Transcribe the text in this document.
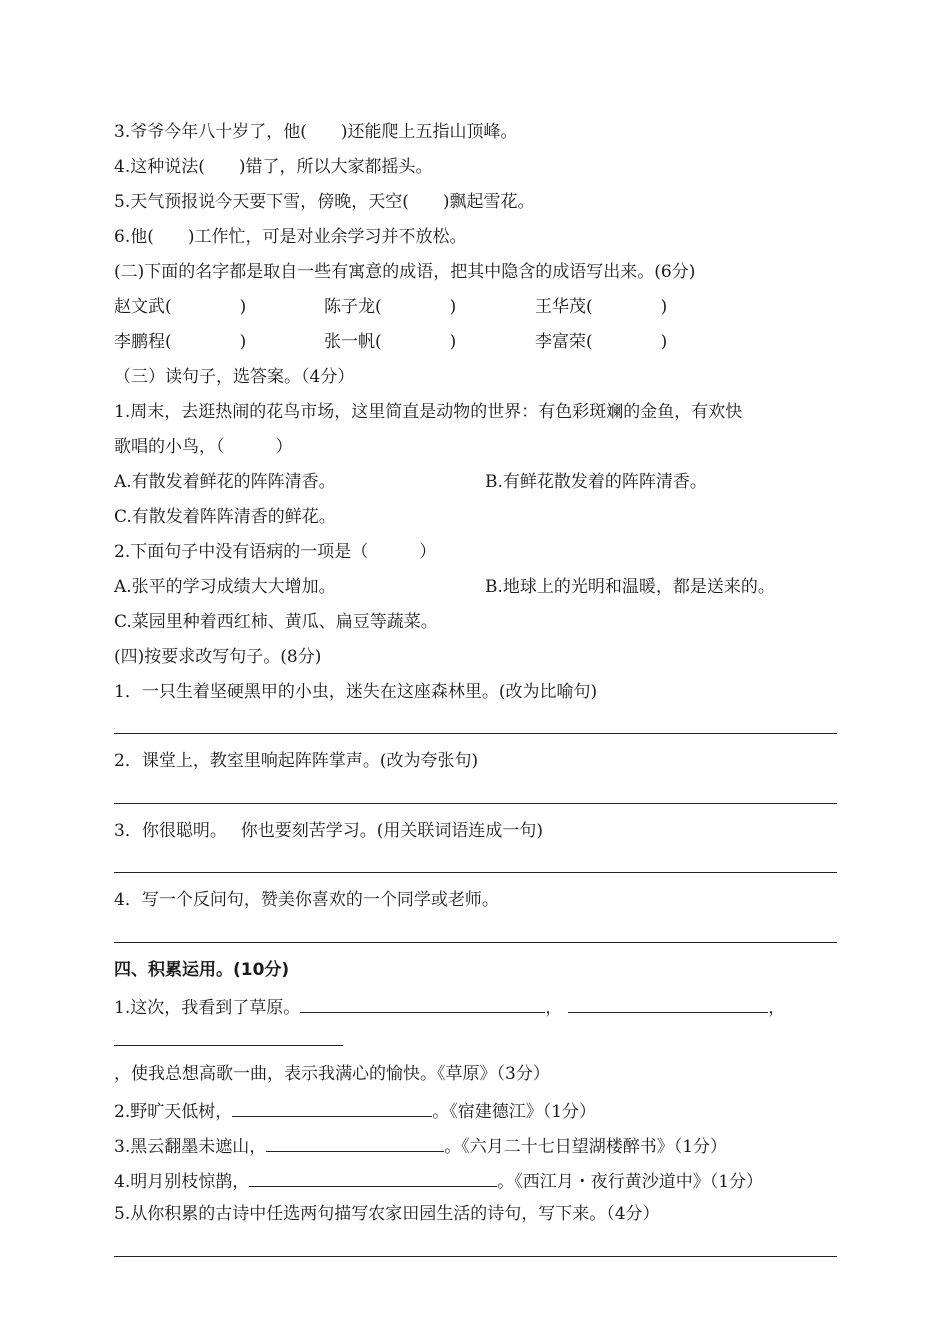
3.爷爷今年八十岁了，他(　　)还能爬上五指山顶峰。
4.这种说法(　　)错了，所以大家都摇头。
5.天气预报说今天要下雪，傍晚，天空(　　)飘起雪花。
6.他(　　)工作忙，可是对业余学习并不放松。
(二)下面的名字都是取自一些有寓意的成语，把其中隐含的成语写出来。(6分)
赵文武(　　　　)	陈子龙(　　　　)	王华茂(　　　　)
李鹏程(　　　　)	张一帆(　　　　)	李富荣(　　　　)
（三）读句子，选答案。（4分）
1.周末，去逛热闹的花鸟市场，这里简直是动物的世界：有色彩斑斓的金鱼，有欢快
歌唱的小鸟，（　　　）
A.有散发着鲜花的阵阵清香。	B.有鲜花散发着的阵阵清香。
C.有散发着阵阵清香的鲜花。
2.下面句子中没有语病的一项是（　　　）
A.张平的学习成绩大大增加。	B.地球上的光明和温暖，都是送来的。
C.菜园里种着西红柿、黄瓜、扁豆等蔬菜。
(四)按要求改写句子。(8分)
1．一只生着坚硬黑甲的小虫，迷失在这座森林里。(改为比喻句)
2．课堂上，教室里响起阵阵掌声。(改为夸张句)
3．你很聪明。　 你也要刻苦学习。(用关联词语连成一句)
4．写一个反问句，赞美你喜欢的一个同学或老师。
四、积累运用。(10分)
1.这次，我看到了草原。	，	，
，使我总想高歌一曲，表示我满心的愉快。《草原》（3分）
2.野旷天低树，	。《宿建德江》（1分）
3.黑云翻墨未遮山，	。《六月二十七日望湖楼醉书》（1分）
4.明月别枝惊鹊，	。《西江月・夜行黄沙道中》（1分）
5.从你积累的古诗中任选两句描写农家田园生活的诗句，写下来。（4分）
